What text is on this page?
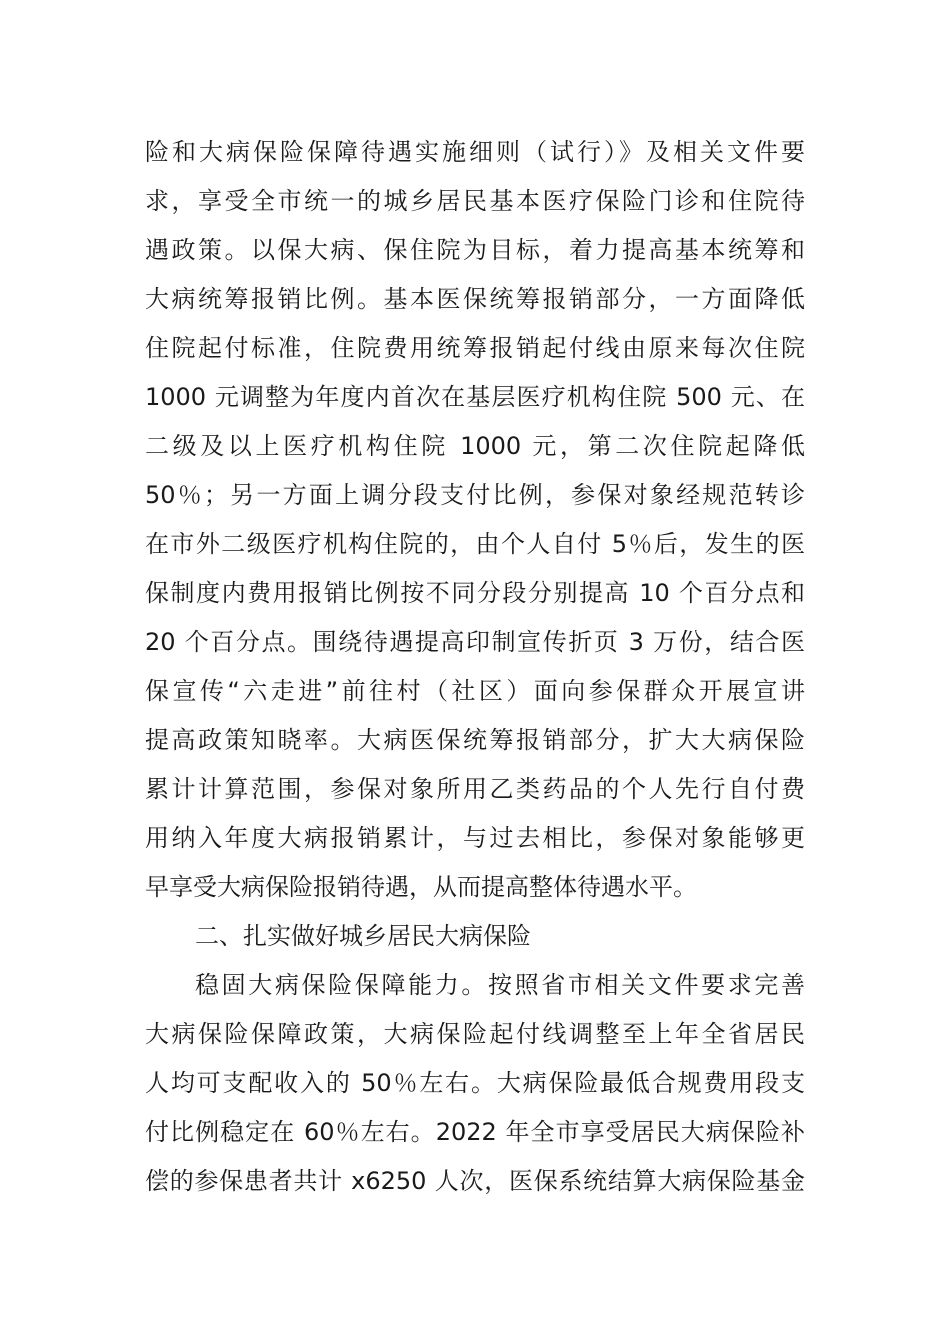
险和大病保险保障待遇实施细则（试行）》及相关文件要
求，享受全市统一的城乡居民基本医疗保险门诊和住院待
遇政策。以保大病、保住院为目标，着力提高基本统筹和
大病统筹报销比例。基本医保统筹报销部分，一方面降低
住院起付标准，住院费用统筹报销起付线由原来每次住院
1000 元调整为年度内首次在基层医疗机构住院 500 元、在
二级及以上医疗机构住院 1000 元，第二次住院起降低
50％；另一方面上调分段支付比例，参保对象经规范转诊
在市外二级医疗机构住院的，由个人自付 5％后，发生的医
保制度内费用报销比例按不同分段分别提高 10 个百分点和
20 个百分点。围绕待遇提高印制宣传折页 3 万份，结合医
保宣传“六走进”前往村（社区）面向参保群众开展宣讲
提高政策知晓率。大病医保统筹报销部分，扩大大病保险
累计计算范围，参保对象所用乙类药品的个人先行自付费
用纳入年度大病报销累计，与过去相比，参保对象能够更
早享受大病保险报销待遇，从而提高整体待遇水平。
二、扎实做好城乡居民大病保险
稳固大病保险保障能力。按照省市相关文件要求完善
大病保险保障政策，大病保险起付线调整至上年全省居民
人均可支配收入的 50％左右。大病保险最低合规费用段支
付比例稳定在 60％左右。2022 年全市享受居民大病保险补
偿的参保患者共计 x6250 人次，医保系统结算大病保险基金
